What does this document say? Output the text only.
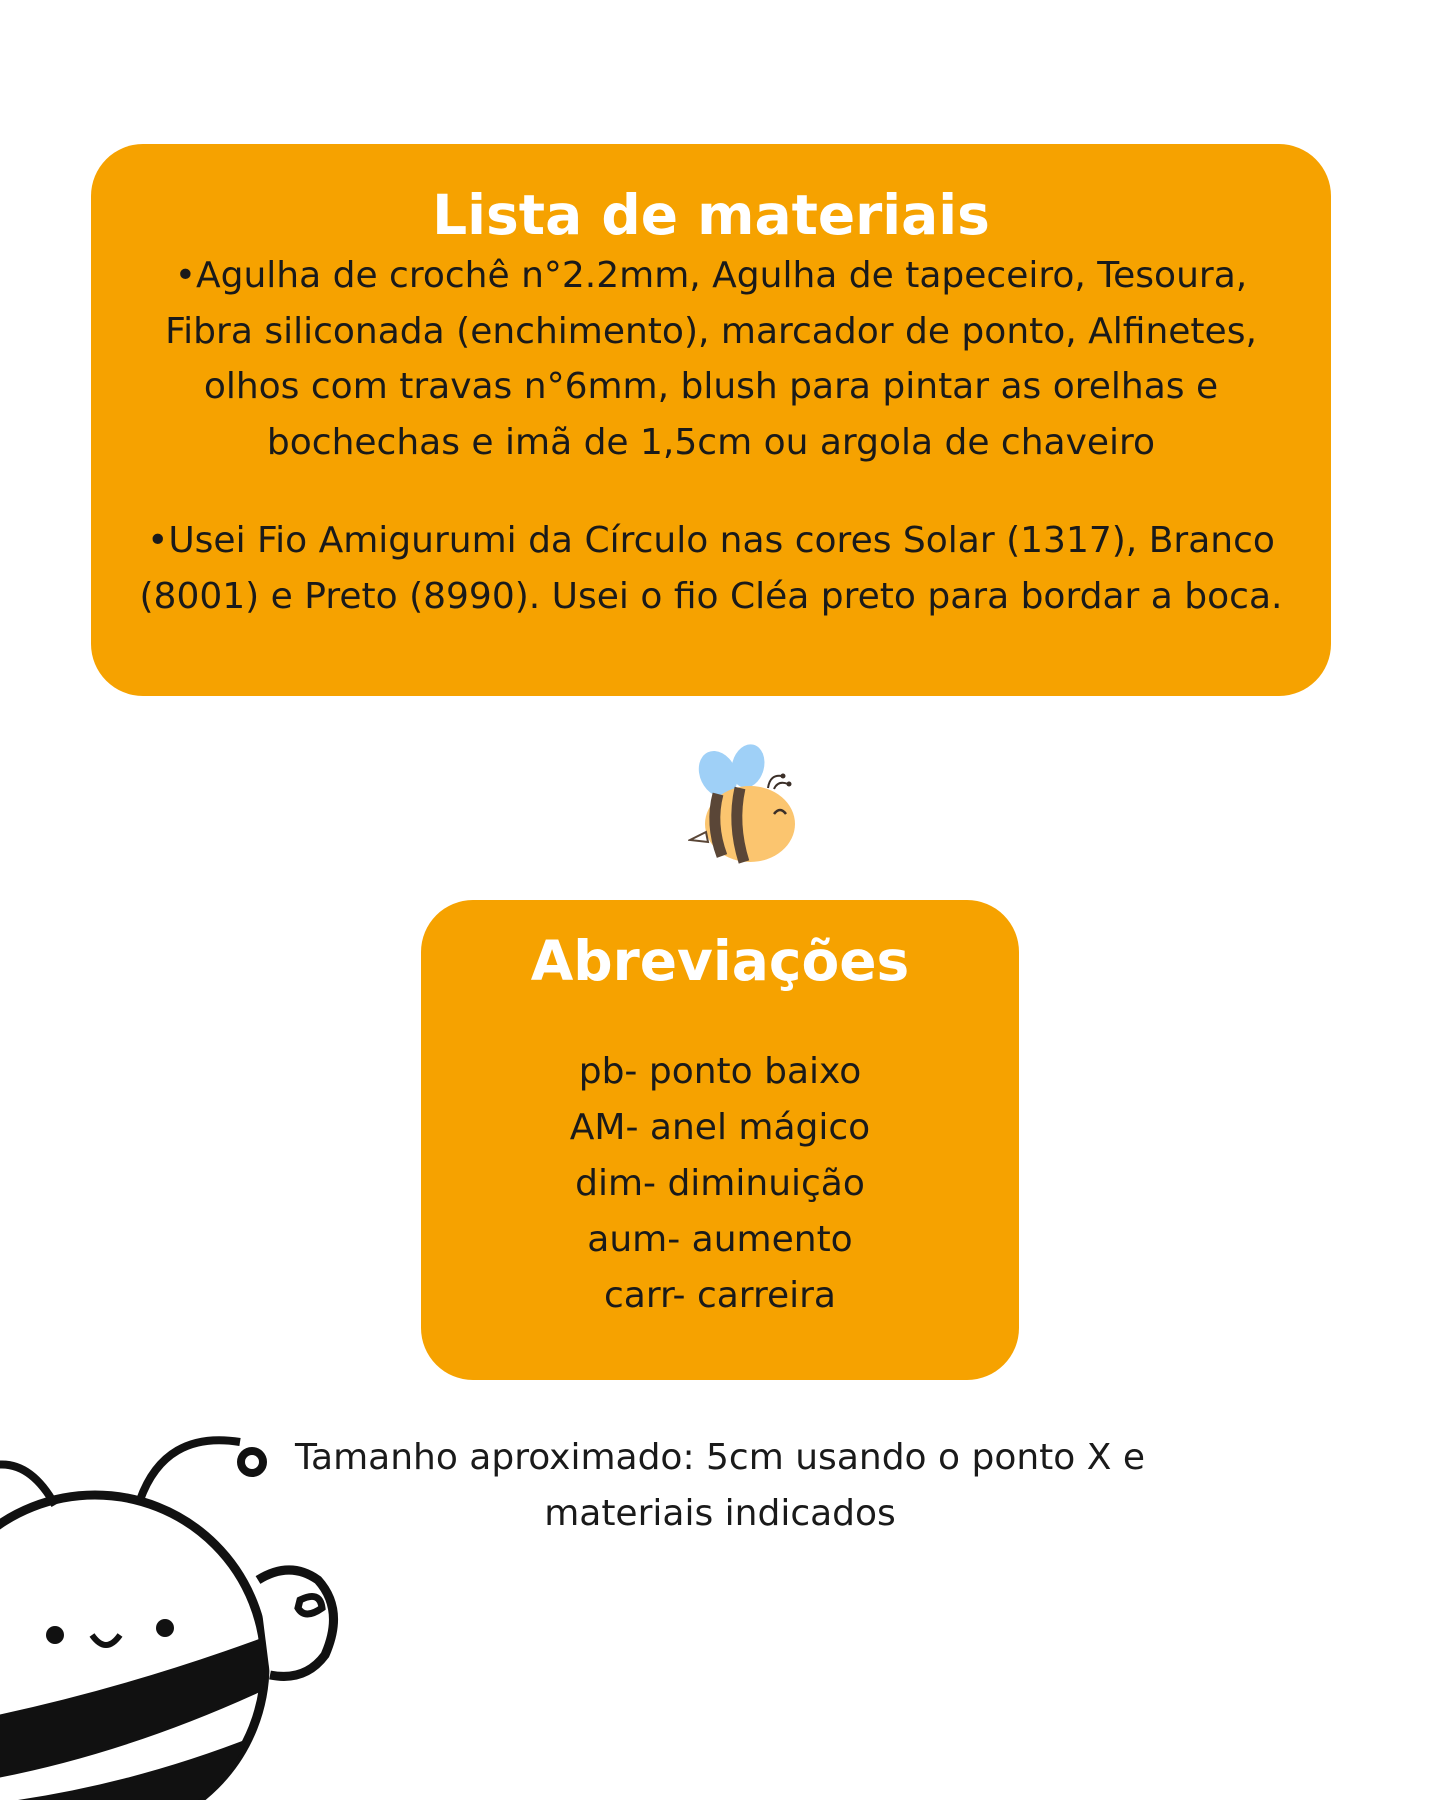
Lista de materiais

•Agulha de crochê n°2.2mm, Agulha de tapeceiro, Tesoura, Fibra siliconada (enchimento), marcador de ponto, Alfinetes, olhos com travas n°6mm, blush para pintar as orelhas e bochechas e imã de 1,5cm ou argola de chaveiro

•Usei Fio Amigurumi da Círculo nas cores Solar (1317), Branco (8001) e Preto (8990). Usei o fio Cléa preto para bordar a boca.

Abreviações
pb- ponto baixo
AM- anel mágico
dim- diminuição
aum- aumento
carr- carreira

Tamanho aproximado: 5cm usando o ponto X e materiais indicados
